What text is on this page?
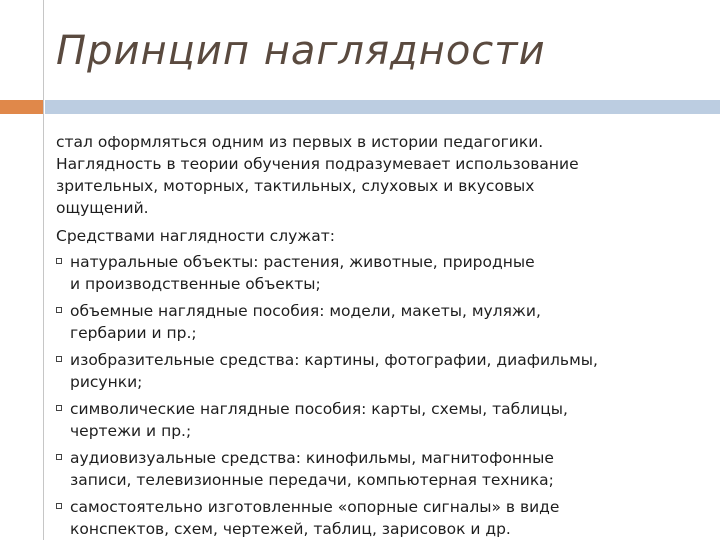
Принцип наглядности
стал оформляться одним из первых в истории педагогики.
Наглядность в теории обучения подразумевает использование
зрительных, моторных, тактильных, слуховых и вкусовых
ощущений.
Средствами наглядности служат:
натуральные объекты: растения, животные, природные
и производственные объекты;
объемные наглядные пособия: модели, макеты, муляжи,
гербарии и пр.;
изобразительные средства: картины, фотографии, диафильмы,
рисунки;
символические наглядные пособия: карты, схемы, таблицы,
чертежи и пр.;
аудиовизуальные средства: кинофильмы, магнитофонные
записи, телевизионные передачи, компьютерная техника;
самостоятельно изготовленные «опорные сигналы» в виде
конспектов, схем, чертежей, таблиц, зарисовок и др.
